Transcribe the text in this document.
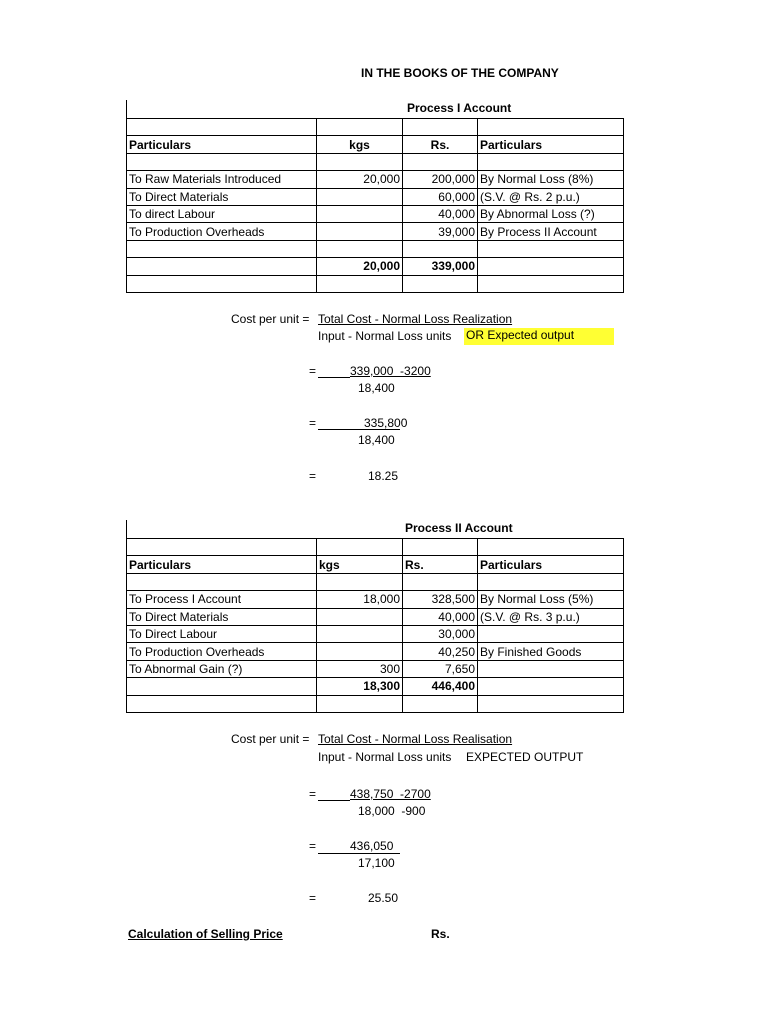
IN THE BOOKS OF THE COMPANY
Process I Account

Particulars	kgs	Rs.	Particulars

To Raw Materials Introduced	20,000	200,000	By Normal Loss (8%)
To Direct Materials		60,000	(S.V. @ Rs. 2 p.u.)
To direct Labour		40,000	By Abnormal Loss (?)
To Production Overheads		39,000	By Process II Account

	20,000	339,000	

Cost per unit = Total Cost - Normal Loss Realization
Input - Normal Loss units OR Expected output
=	339,000  -3200
18,400
=	335,800
18,400
=	18.25
Process II Account

Particulars	kgs	Rs.	Particulars

To Process I Account	18,000	328,500	By Normal Loss (5%)
To Direct Materials		40,000	(S.V. @ Rs. 3 p.u.)
To Direct Labour		30,000	
To Production Overheads		40,250	By Finished Goods
To Abnormal Gain (?)	300	7,650	
	18,300	446,400	

Cost per unit = Total Cost - Normal Loss Realisation
Input - Normal Loss units EXPECTED OUTPUT
=	438,750  -2700
18,000  -900
=	436,050
17,100
=	25.50
Calculation of Selling Price	Rs.
